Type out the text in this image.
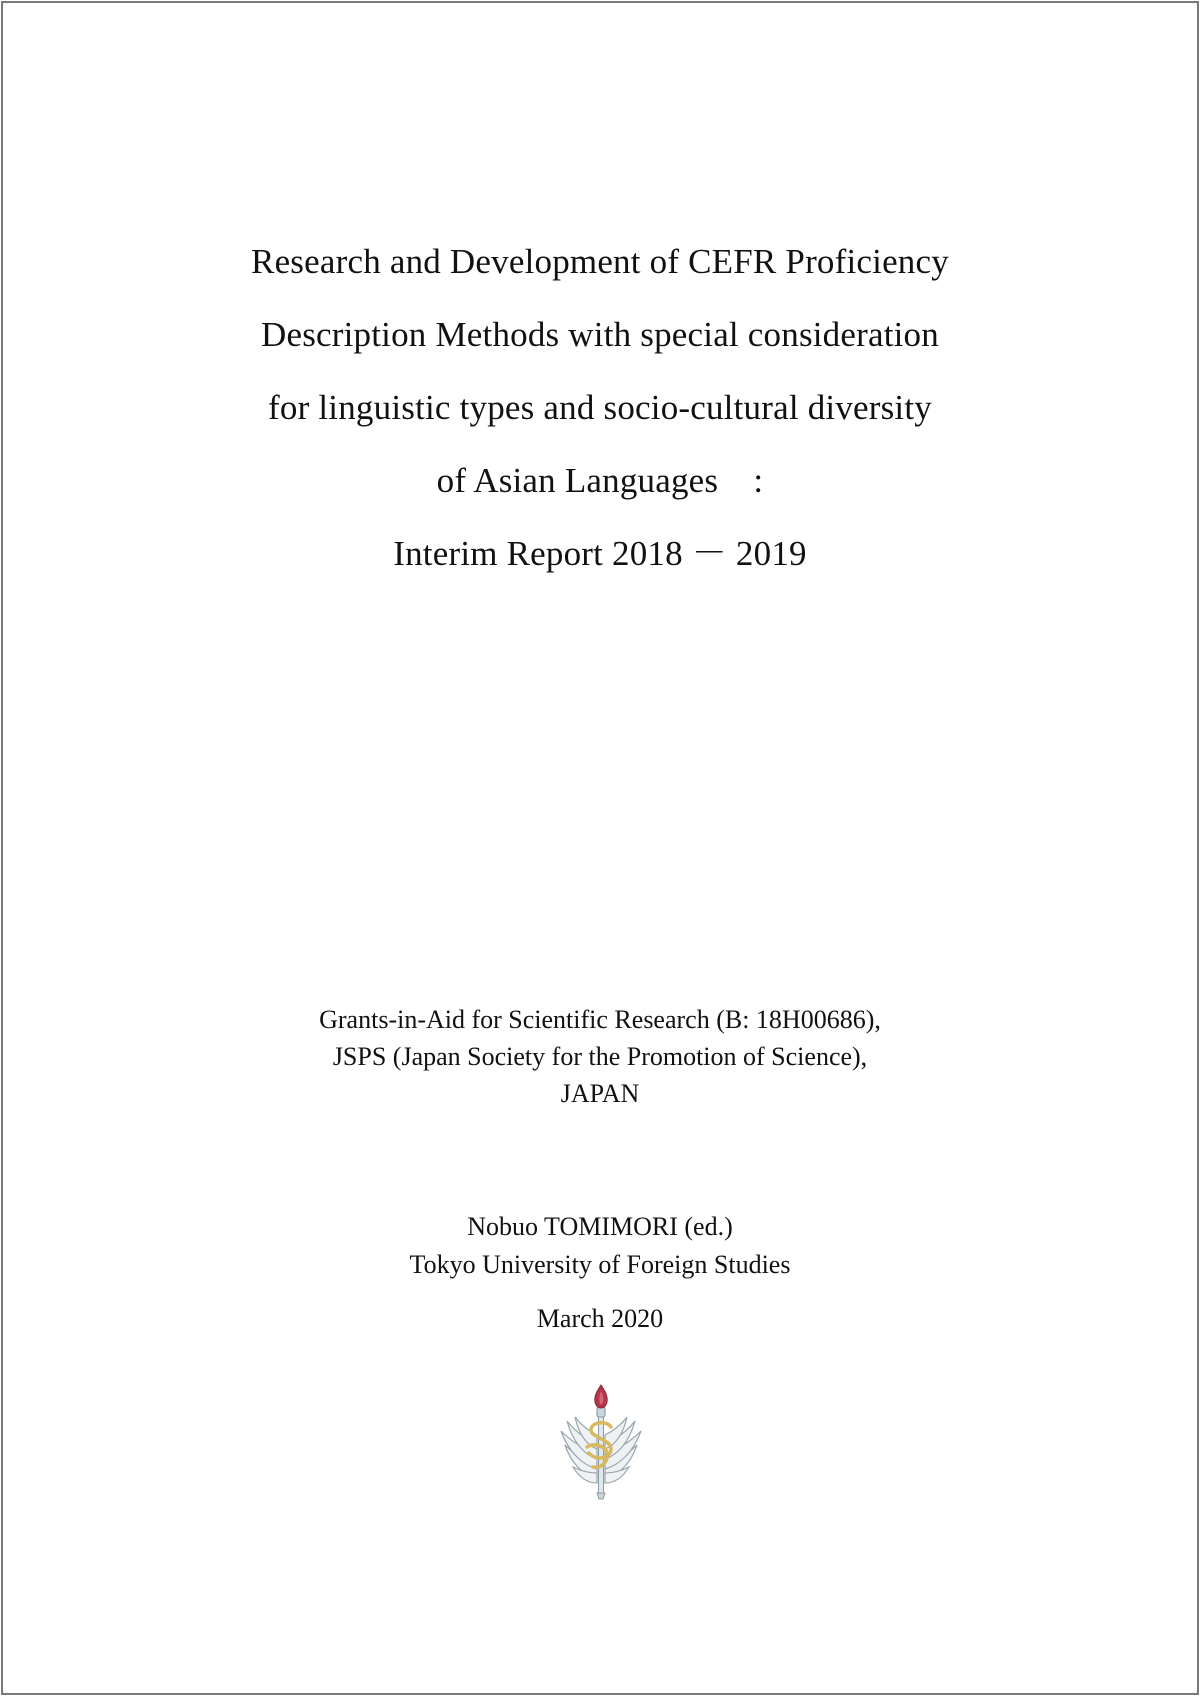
Research and Development of CEFR Proficiency
Description Methods with special consideration
for linguistic types and socio-cultural diversity
of Asian Languages　:
Interim Report 2018 － 2019
Grants-in-Aid for Scientific Research (B: 18H00686),
JSPS (Japan Society for the Promotion of Science),
JAPAN
Nobuo TOMIMORI (ed.)
Tokyo University of Foreign Studies
March 2020
